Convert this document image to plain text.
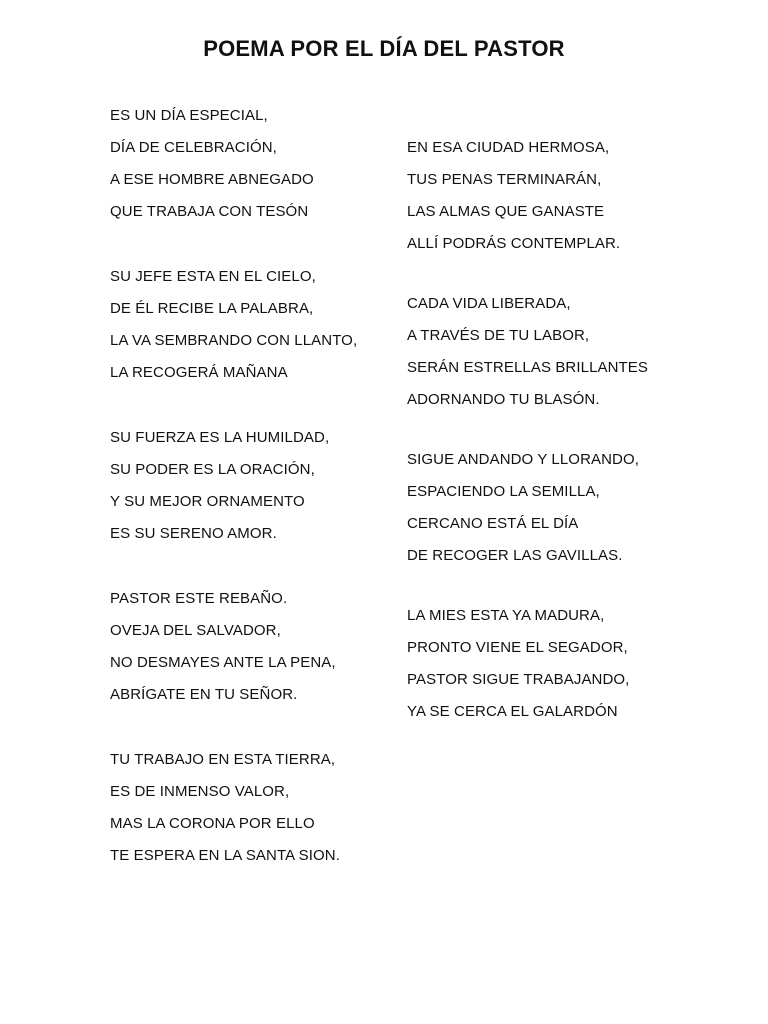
POEMA POR EL DÍA DEL PASTOR
ES UN DÍA ESPECIAL,
DÍA DE CELEBRACIÓN,
A ESE HOMBRE ABNEGADO
QUE TRABAJA CON TESÓN
SU JEFE ESTA EN EL CIELO,
DE ÉL RECIBE LA PALABRA,
LA VA SEMBRANDO CON LLANTO,
LA RECOGERÁ MAÑANA
SU FUERZA ES LA HUMILDAD,
SU PODER ES LA ORACIÓN,
Y SU MEJOR ORNAMENTO
ES SU SERENO AMOR.
PASTOR ESTE REBAÑO.
OVEJA DEL SALVADOR,
NO DESMAYES ANTE LA PENA,
ABRÍGATE EN TU SEÑOR.
TU TRABAJO EN ESTA TIERRA,
ES DE INMENSO VALOR,
MAS LA CORONA POR ELLO
TE ESPERA EN LA SANTA SION.
EN ESA CIUDAD HERMOSA,
TUS PENAS TERMINARÁN,
LAS ALMAS QUE GANASTE
ALLÍ PODRÁS CONTEMPLAR.
CADA VIDA LIBERADA,
A TRAVÉS DE TU LABOR,
SERÁN ESTRELLAS BRILLANTES
ADORNANDO TU BLASÓN.
SIGUE ANDANDO Y LLORANDO,
ESPACIENDO LA SEMILLA,
CERCANO ESTÁ EL DÍA
DE RECOGER LAS GAVILLAS.
LA MIES ESTA YA MADURA,
PRONTO VIENE EL SEGADOR,
PASTOR SIGUE TRABAJANDO,
YA SE CERCA EL GALARDÓN
